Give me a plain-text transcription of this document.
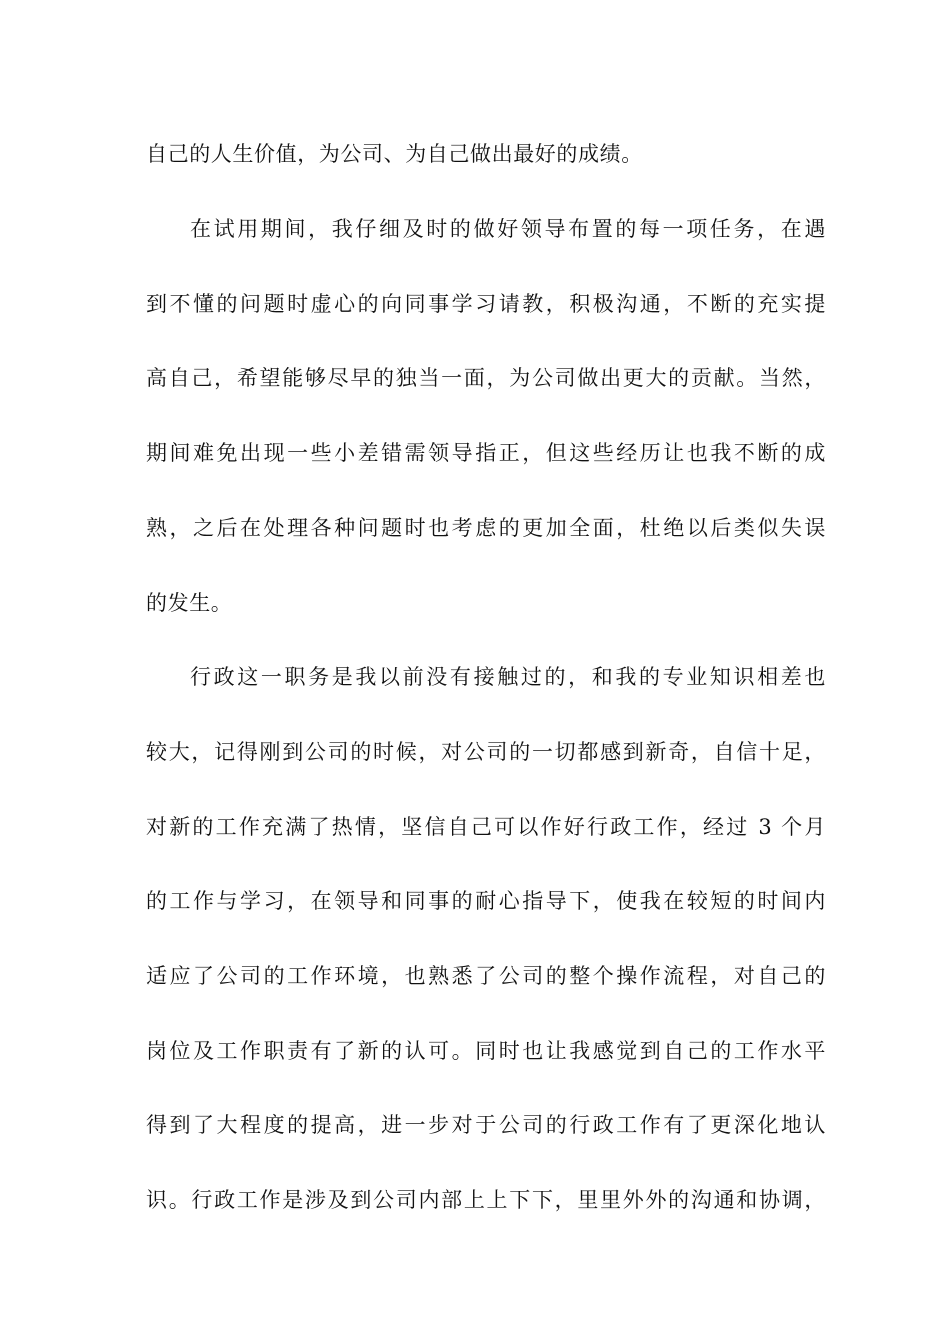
自己的人生价值，为公司、为自己做出最好的成绩。
在试用期间，我仔细及时的做好领导布置的每一项任务，在遇
到不懂的问题时虚心的向同事学习请教，积极沟通，不断的充实提
高自己，希望能够尽早的独当一面，为公司做出更大的贡献。当然，
期间难免出现一些小差错需领导指正，但这些经历让也我不断的成
熟，之后在处理各种问题时也考虑的更加全面，杜绝以后类似失误
的发生。
行政这一职务是我以前没有接触过的，和我的专业知识相差也
较大，记得刚到公司的时候，对公司的一切都感到新奇，自信十足，
对新的工作充满了热情，坚信自己可以作好行政工作，经过 3 个月
的工作与学习，在领导和同事的耐心指导下，使我在较短的时间内
适应了公司的工作环境，也熟悉了公司的整个操作流程，对自己的
岗位及工作职责有了新的认可。同时也让我感觉到自己的工作水平
得到了大程度的提高，进一步对于公司的行政工作有了更深化地认
识。行政工作是涉及到公司内部上上下下，里里外外的沟通和协调，
